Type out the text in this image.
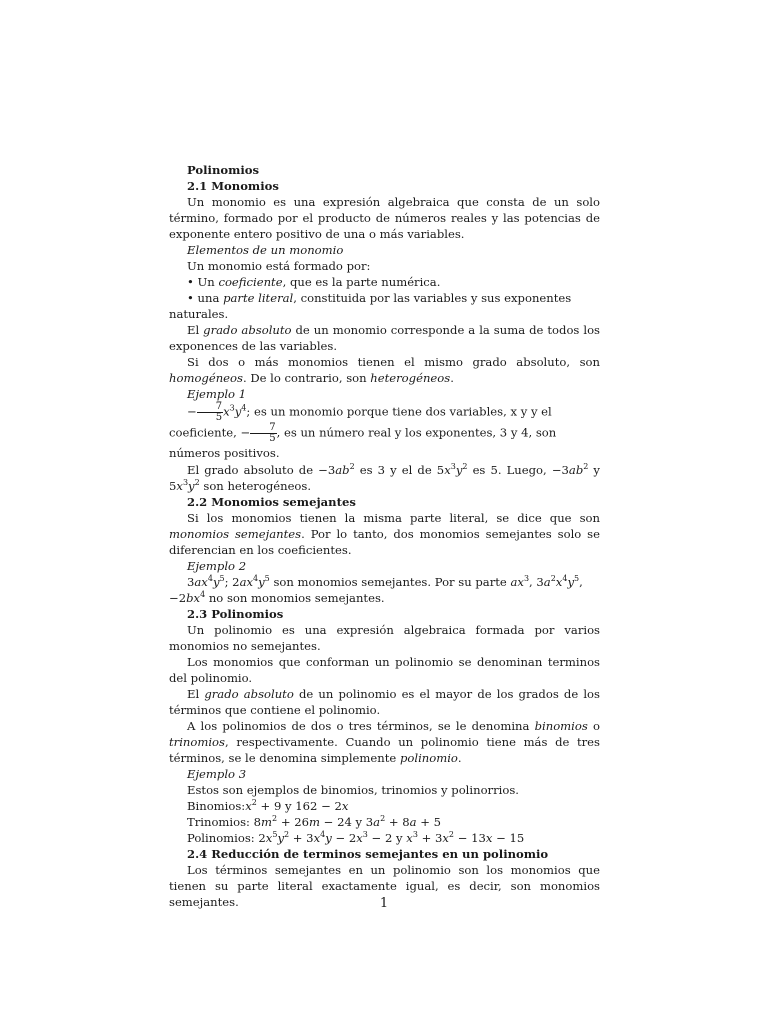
Polinomios

2.1 Monomios

Un monomio es una expresión algebraica que consta de un solo término, formado por el producto de números reales y las potencias de exponente entero positivo de una o más variables.

Elementos de un monomio

Un monomio está formado por:

• Un coeficiente, que es la parte numérica.

• una parte literal, constituida por las variables y sus exponentes naturales.

El grado absoluto de un monomio corresponde a la suma de todos los exponences de las variables.

Si dos o más monomios tienen el mismo grado absoluto, son homogéneos. De lo contrario, son heterogéneos.

Ejemplo 1

− $\frac{7}{5} x^3y^4$; es un monomio porque tiene dos variables, x y y el coeficiente, − $\frac{7}{5}$ , es un número real y los exponentes, 3 y 4, son números positivos.

El grado absoluto de $-3ab^2$ es 3 y el de $5x^3y^2$ es 5. Luego, $-3ab^2$ y $5x^3y^2$ son heterogéneos.

2.2 Monomios semejantes

Si los monomios tienen la misma parte literal, se dice que son monomios semejantes. Por lo tanto, dos monomios semejantes solo se diferencian en los coeficientes.

Ejemplo 2

$3ax^4y^5$; $2ax^4y^5$ son monomios semejantes. Por su parte $ax^3$, $3a^2x^4y^5$, $-2bx^4$ no son monomios semejantes.

2.3 Polinomios

Un polinomio es una expresión algebraica formada por varios monomios no semejantes.

Los monomios que conforman un polinomio se denominan terminos del polinomio.

El grado absoluto de un polinomio es el mayor de los grados de los términos que contiene el polinomio.

A los polinomios de dos o tres términos, se le denomina binomios o trinomios, respectivamente. Cuando un polinomio tiene más de tres términos, se le denomina simplemente polinomio.

Ejemplo 3

Estos son ejemplos de binomios, trinomios y polinorrios.

$Binomios:x^2 + 9$ y 162 − 2x

Trinomios: $8m^2 + 26m - 24$ y $3a^2 + 8a + 5$

Polinomios: $2x^5y^2 + 3x^4y - 2x^3 - 2$ y $x^3 + 3x^2 - 13x - 15$

2.4 Reducción de terminos semejantes en un polinomio

Los términos semejantes en un polinomio son los monomios que tienen su parte literal exactamente igual, es decir, son monomios semejantes.	1
